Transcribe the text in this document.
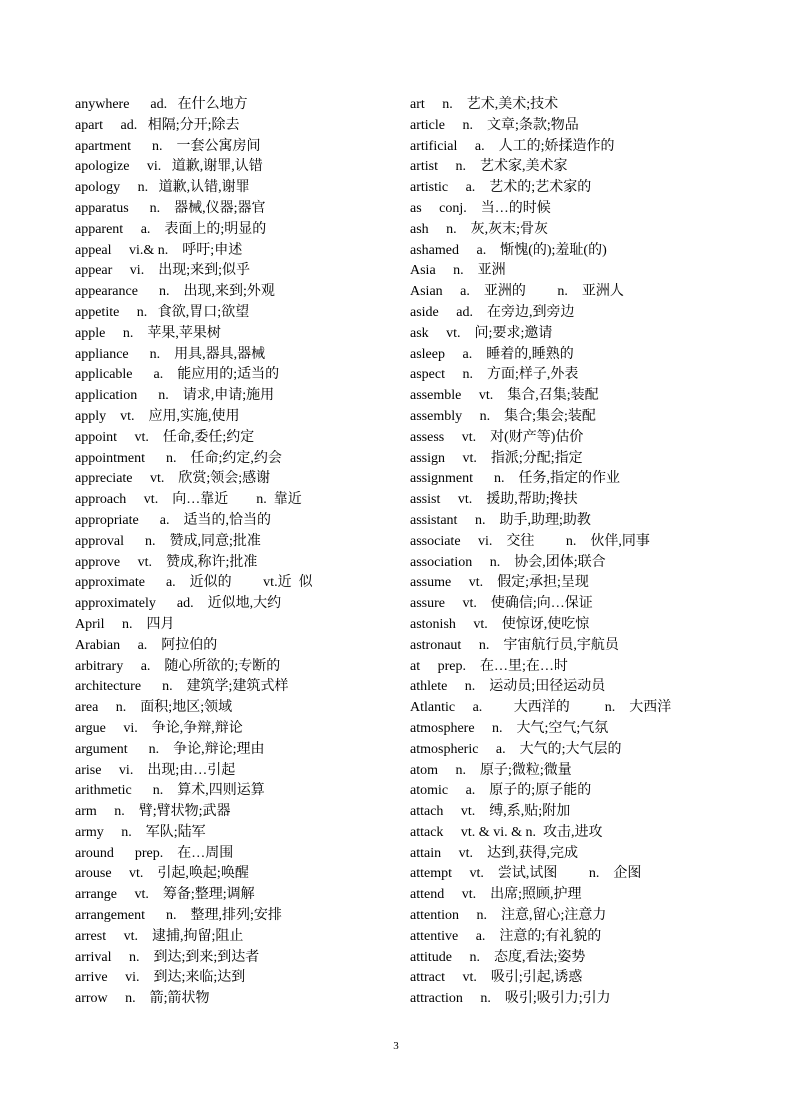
anywhere      ad.   在什么地方
apart     ad.   相隔;分开;除去
apartment      n.    一套公寓房间
apologize     vi.   道歉,谢罪,认错
apology     n.   道歉,认错,谢罪
apparatus      n.    器械,仪器;器官
apparent     a.    表面上的;明显的
appeal     vi.& n.    呼吁;申述
appear     vi.    出现;来到;似乎
appearance      n.    出现,来到;外观
appetite     n.   食欲,胃口;欲望
apple     n.    苹果,苹果树
appliance      n.    用具,器具,器械
applicable      a.    能应用的;适当的
application      n.    请求,申请;施用
apply    vt.    应用,实施,使用
appoint     vt.    任命,委任;约定
appointment      n.    任命;约定,约会
appreciate     vt.    欣赏;领会;感谢
approach     vt.    向…靠近        n.  靠近
appropriate      a.    适当的,恰当的
approval      n.    赞成,同意;批准
approve     vt.    赞成,称许;批准
approximate      a.    近似的         vt.近  似
approximately      ad.    近似地,大约
April     n.    四月
Arabian     a.    阿拉伯的
arbitrary     a.    随心所欲的;专断的
architecture      n.    建筑学;建筑式样
area     n.    面积;地区;领域
argue     vi.    争论,争辩,辩论
argument      n.    争论,辩论;理由
arise     vi.    出现;由…引起
arithmetic      n.    算术,四则运算
arm     n.    臂;臂状物;武器
army     n.    军队;陆军
around      prep.    在…周围
arouse     vt.    引起,唤起;唤醒
arrange     vt.    筹备;整理;调解
arrangement      n.    整理,排列;安排
arrest     vt.    逮捕,拘留;阻止
arrival     n.    到达;到来;到达者
arrive     vi.    到达;来临;达到
arrow     n.    箭;箭状物
art     n.    艺术,美术;技术
article     n.    文章;条款;物品
artificial     a.    人工的;娇揉造作的
artist     n.    艺术家,美术家
artistic     a.    艺术的;艺术家的
as     conj.    当…的时候
ash     n.    灰,灰末;骨灰
ashamed     a.    惭愧(的);羞耻(的)
Asia     n.    亚洲
Asian     a.    亚洲的         n.    亚洲人
aside     ad.    在旁边,到旁边
ask     vt.    问;要求;邀请
asleep     a.    睡着的,睡熟的
aspect     n.    方面;样子,外表
assemble     vt.    集合,召集;装配
assembly     n.    集合;集会;装配
assess     vt.    对(财产等)估价
assign     vt.    指派;分配;指定
assignment      n.    任务,指定的作业
assist     vt.    援助,帮助;搀扶
assistant     n.    助手,助理;助教
associate     vi.    交往         n.    伙伴,同事
association     n.    协会,团体;联合
assume     vt.    假定;承担;呈现
assure     vt.    使确信;向…保证
astonish     vt.    使惊讶,使吃惊
astronaut     n.    宇宙航行员,宇航员
at     prep.    在…里;在…时
athlete     n.    运动员;田径运动员
Atlantic     a.         大西洋的          n.    大西洋
atmosphere     n.    大气;空气;气氛
atmospheric     a.    大气的;大气层的
atom     n.    原子;微粒;微量
atomic     a.    原子的;原子能的
attach     vt.    缚,系,贴;附加
attack     vt. & vi. & n.  攻击,进攻
attain     vt.    达到,获得,完成
attempt     vt.    尝试,试图         n.    企图
attend     vt.    出席;照顾,护理
attention     n.    注意,留心;注意力
attentive     a.    注意的;有礼貌的
attitude     n.    态度,看法;姿势
attract     vt.    吸引;引起,诱惑
attraction     n.    吸引;吸引力;引力
3
